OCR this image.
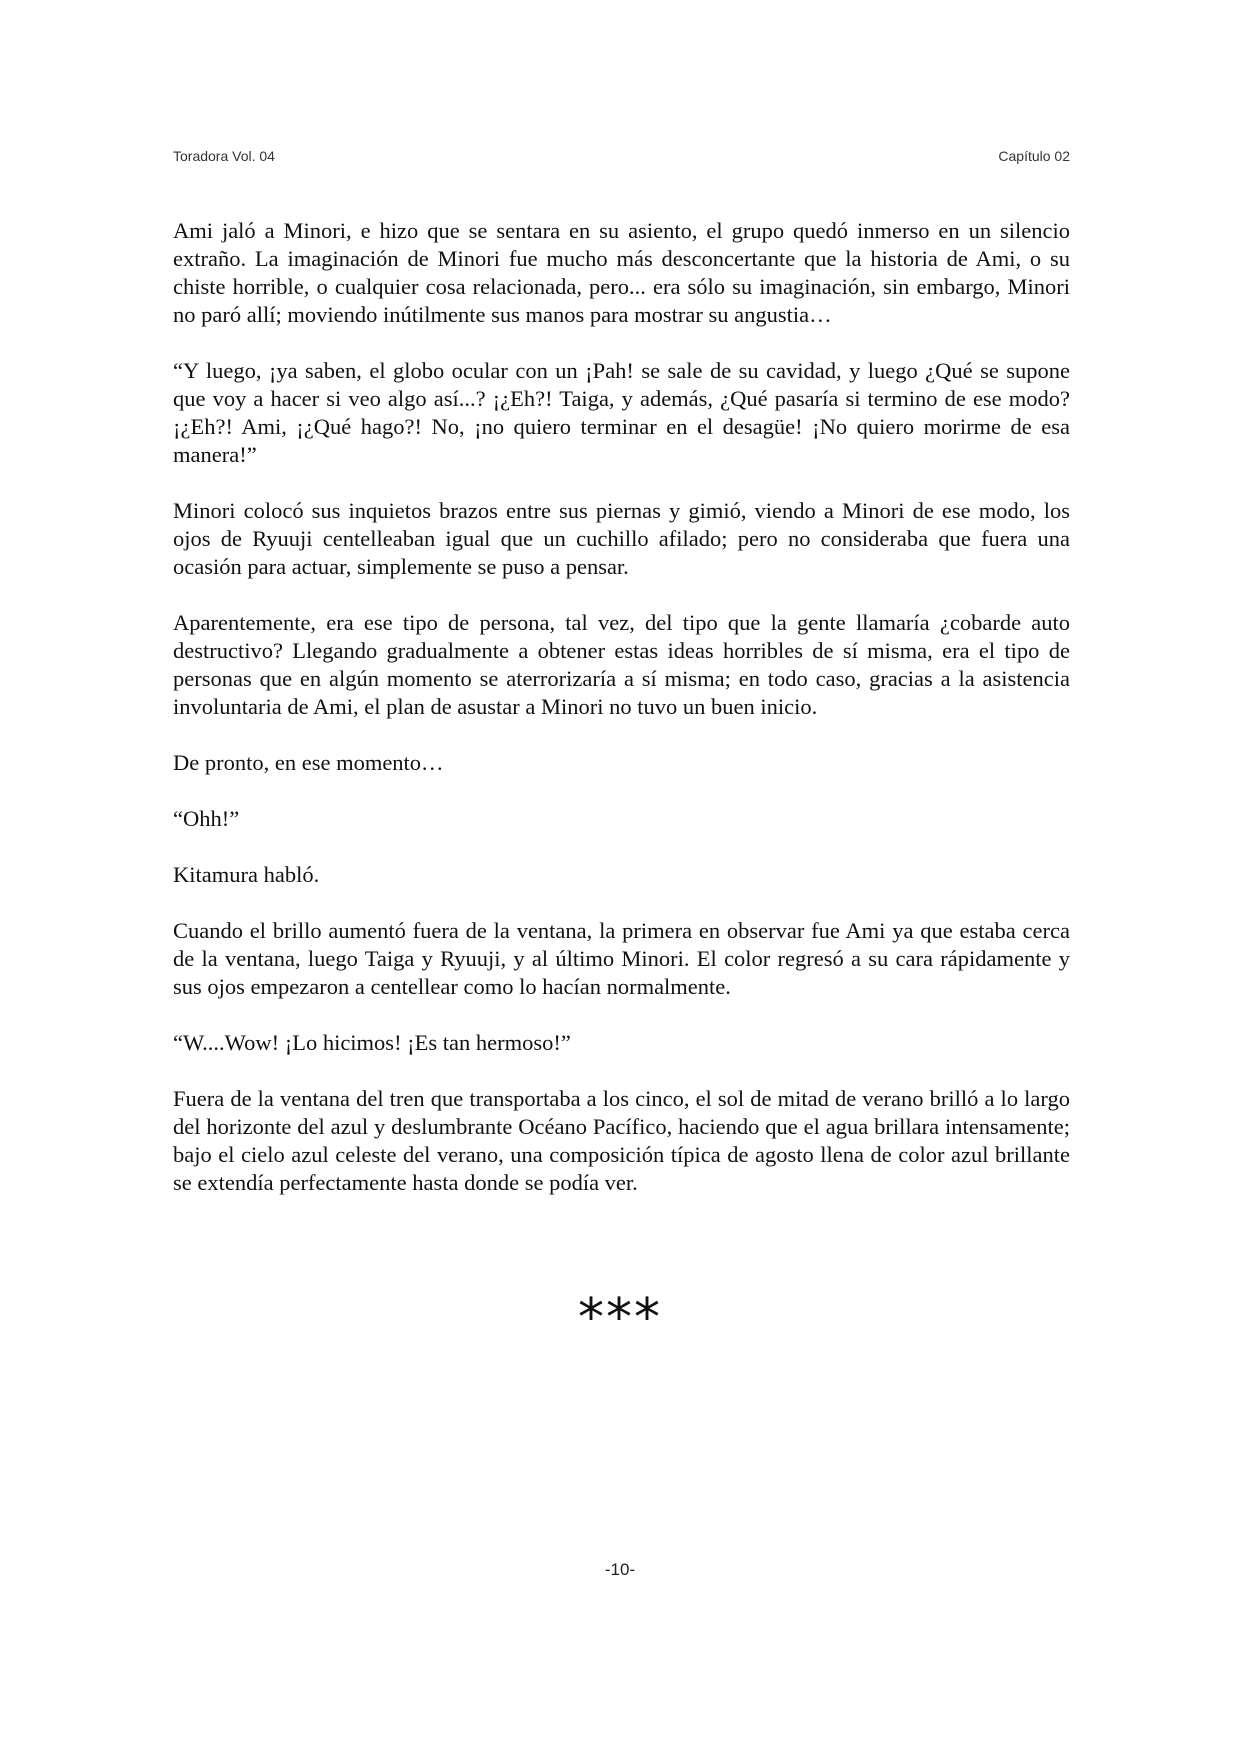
Toradora Vol. 04	Capítulo 02

Ami jaló a Minori, e hizo que se sentara en su asiento, el grupo quedó inmerso en un silencio extraño. La imaginación de Minori fue mucho más desconcertante que la historia de Ami, o su chiste horrible, o cualquier cosa relacionada, pero... era sólo su imaginación, sin embargo, Minori no paró allí; moviendo inútilmente sus manos para mostrar su angustia…

“Y luego, ¡ya saben, el globo ocular con un ¡Pah! se sale de su cavidad, y luego ¿Qué se supone que voy a hacer si veo algo así...? ¡¿Eh?! Taiga, y además, ¿Qué pasaría si termino de ese modo? ¡¿Eh?! Ami, ¡¿Qué hago?! No, ¡no quiero terminar en el desagüe! ¡No quiero morirme de esa manera!”

Minori colocó sus inquietos brazos entre sus piernas y gimió, viendo a Minori de ese modo, los ojos de Ryuuji centelleaban igual que un cuchillo afilado; pero no consideraba que fuera una ocasión para actuar, simplemente se puso a pensar.

Aparentemente, era ese tipo de persona, tal vez, del tipo que la gente llamaría ¿cobarde auto destructivo? Llegando gradualmente a obtener estas ideas horribles de sí misma, era el tipo de personas que en algún momento se aterrorizaría a sí misma; en todo caso, gracias a la asistencia involuntaria de Ami, el plan de asustar a Minori no tuvo un buen inicio.

De pronto, en ese momento…

“Ohh!”

Kitamura habló.

Cuando el brillo aumentó fuera de la ventana, la primera en observar fue Ami ya que estaba cerca de la ventana, luego Taiga y Ryuuji, y al último Minori. El color regresó a su cara rápidamente y sus ojos empezaron a centellear como lo hacían normalmente.

“W....Wow! ¡Lo hicimos! ¡Es tan hermoso!”

Fuera de la ventana del tren que transportaba a los cinco, el sol de mitad de verano brilló a lo largo del horizonte del azul y deslumbrante Océano Pacífico, haciendo que el agua brillara intensamente; bajo el cielo azul celeste del verano, una composición típica de agosto llena de color azul brillante se extendía perfectamente hasta donde se podía ver.

***
-10-
